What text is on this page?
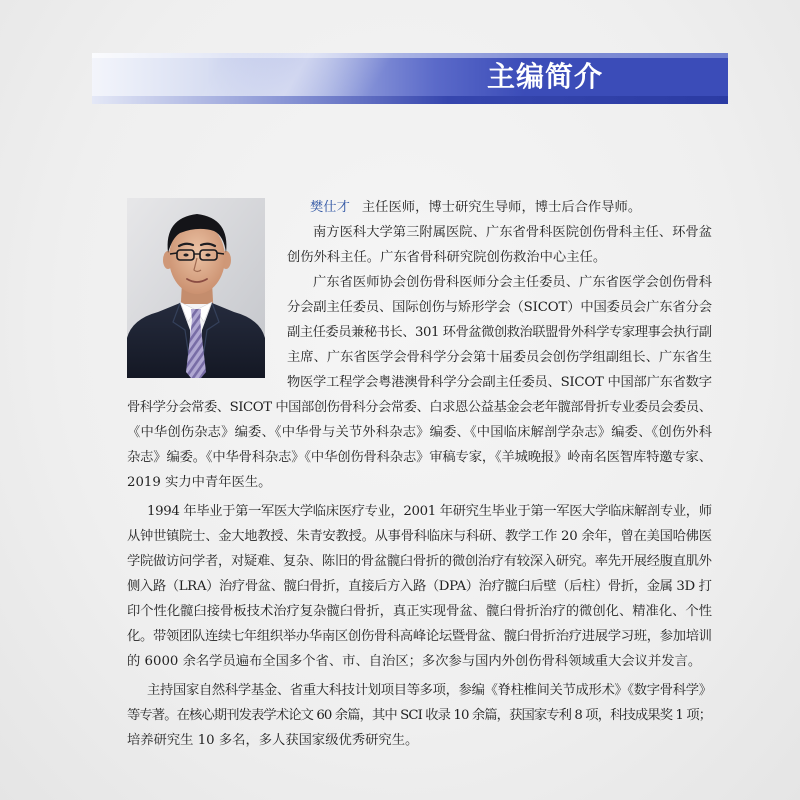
主编简介
樊仕才 主任医师，博士研究生导师，博士后合作导师。
南方医科大学第三附属医院、广东省骨科医院创伤骨科主任、环骨盆
创伤外科主任。广东省骨科研究院创伤救治中心主任。
广东省医师协会创伤骨科医师分会主任委员、广东省医学会创伤骨科
分会副主任委员、国际创伤与矫形学会（SICOT）中国委员会广东省分会
副主任委员兼秘书长、301 环骨盆微创救治联盟骨外科学专家理事会执行副
主席、广东省医学会骨科学分会第十届委员会创伤学组副组长、广东省生
物医学工程学会粤港澳骨科学分会副主任委员、SICOT 中国部广东省数字
骨科学分会常委、SICOT 中国部创伤骨科分会常委、白求恩公益基金会老年髋部骨折专业委员会委员、
《中华创伤杂志》编委、《中华骨与关节外科杂志》编委、《中国临床解剖学杂志》编委、《创伤外科
杂志》编委。《中华骨科杂志》《中华创伤骨科杂志》审稿专家，《羊城晚报》岭南名医智库特邀专家、
2019 实力中青年医生。
1994 年毕业于第一军医大学临床医疗专业，2001 年研究生毕业于第一军医大学临床解剖专业，师
从钟世镇院士、金大地教授、朱青安教授。从事骨科临床与科研、教学工作 20 余年，曾在美国哈佛医
学院做访问学者，对疑难、复杂、陈旧的骨盆髋臼骨折的微创治疗有较深入研究。率先开展经腹直肌外
侧入路（LRA）治疗骨盆、髋臼骨折，直接后方入路（DPA）治疗髋臼后壁（后柱）骨折，金属 3D 打
印个性化髋臼接骨板技术治疗复杂髋臼骨折，真正实现骨盆、髋臼骨折治疗的微创化、精准化、个性
化。带领团队连续七年组织举办华南区创伤骨科高峰论坛暨骨盆、髋臼骨折治疗进展学习班，参加培训
的 6000 余名学员遍布全国多个省、市、自治区；多次参与国内外创伤骨科领域重大会议并发言。
主持国家自然科学基金、省重大科技计划项目等多项，参编《脊柱椎间关节成形术》《数字骨科学》
等专著。在核心期刊发表学术论文 60 余篇，其中 SCI 收录 10 余篇，获国家专利 8 项，科技成果奖 1 项；
培养研究生 10 多名，多人获国家级优秀研究生。
